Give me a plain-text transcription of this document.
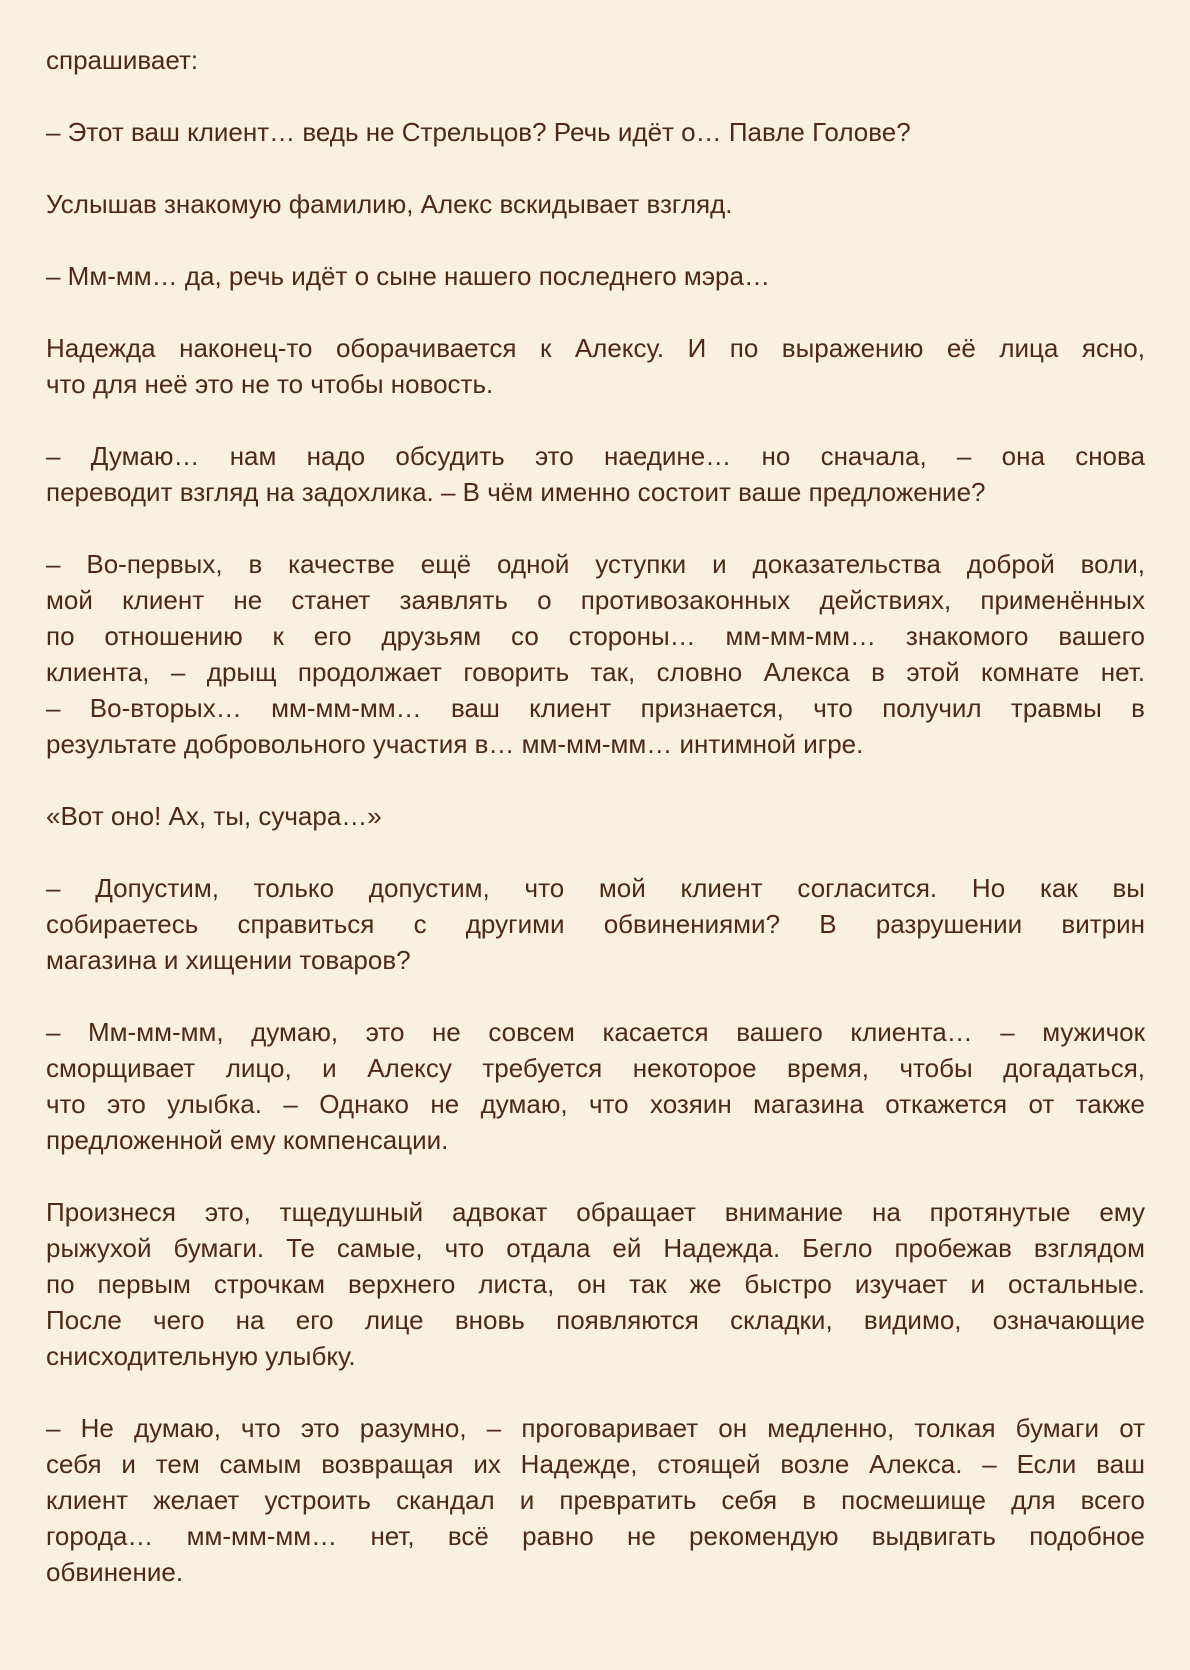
спрашивает:
– Этот ваш клиент… ведь не Стрельцов? Речь идёт о… Павле Голове?
Услышав знакомую фамилию, Алекс вскидывает взгляд.
– Мм-мм… да, речь идёт о сыне нашего последнего мэра…
Надежда наконец-то оборачивается к Алексу. И по выражению её лица ясно,
что для неё это не то чтобы новость.
– Думаю… нам надо обсудить это наедине… но сначала, – она снова
переводит взгляд на задохлика. – В чём именно состоит ваше предложение?
– Во-первых, в качестве ещё одной уступки и доказательства доброй воли,
мой клиент не станет заявлять о противозаконных действиях, применённых
по отношению к его друзьям со стороны… мм-мм-мм… знакомого вашего
клиента, – дрыщ продолжает говорить так, словно Алекса в этой комнате нет.
– Во-вторых… мм-мм-мм… ваш клиент признается, что получил травмы в
результате добровольного участия в… мм-мм-мм… интимной игре.
«Вот оно! Ах, ты, сучара…»
– Допустим, только допустим, что мой клиент согласится. Но как вы
собираетесь справиться с другими обвинениями? В разрушении витрин
магазина и хищении товаров?
– Мм-мм-мм, думаю, это не совсем касается вашего клиента… – мужичок
сморщивает лицо, и Алексу требуется некоторое время, чтобы догадаться,
что это улыбка. – Однако не думаю, что хозяин магазина откажется от также
предложенной ему компенсации.
Произнеся это, тщедушный адвокат обращает внимание на протянутые ему
рыжухой бумаги. Те самые, что отдала ей Надежда. Бегло пробежав взглядом
по первым строчкам верхнего листа, он так же быстро изучает и остальные.
После чего на его лице вновь появляются складки, видимо, означающие
снисходительную улыбку.
– Не думаю, что это разумно, – проговаривает он медленно, толкая бумаги от
себя и тем самым возвращая их Надежде, стоящей возле Алекса. – Если ваш
клиент желает устроить скандал и превратить себя в посмешище для всего
города… мм-мм-мм… нет, всё равно не рекомендую выдвигать подобное
обвинение.
